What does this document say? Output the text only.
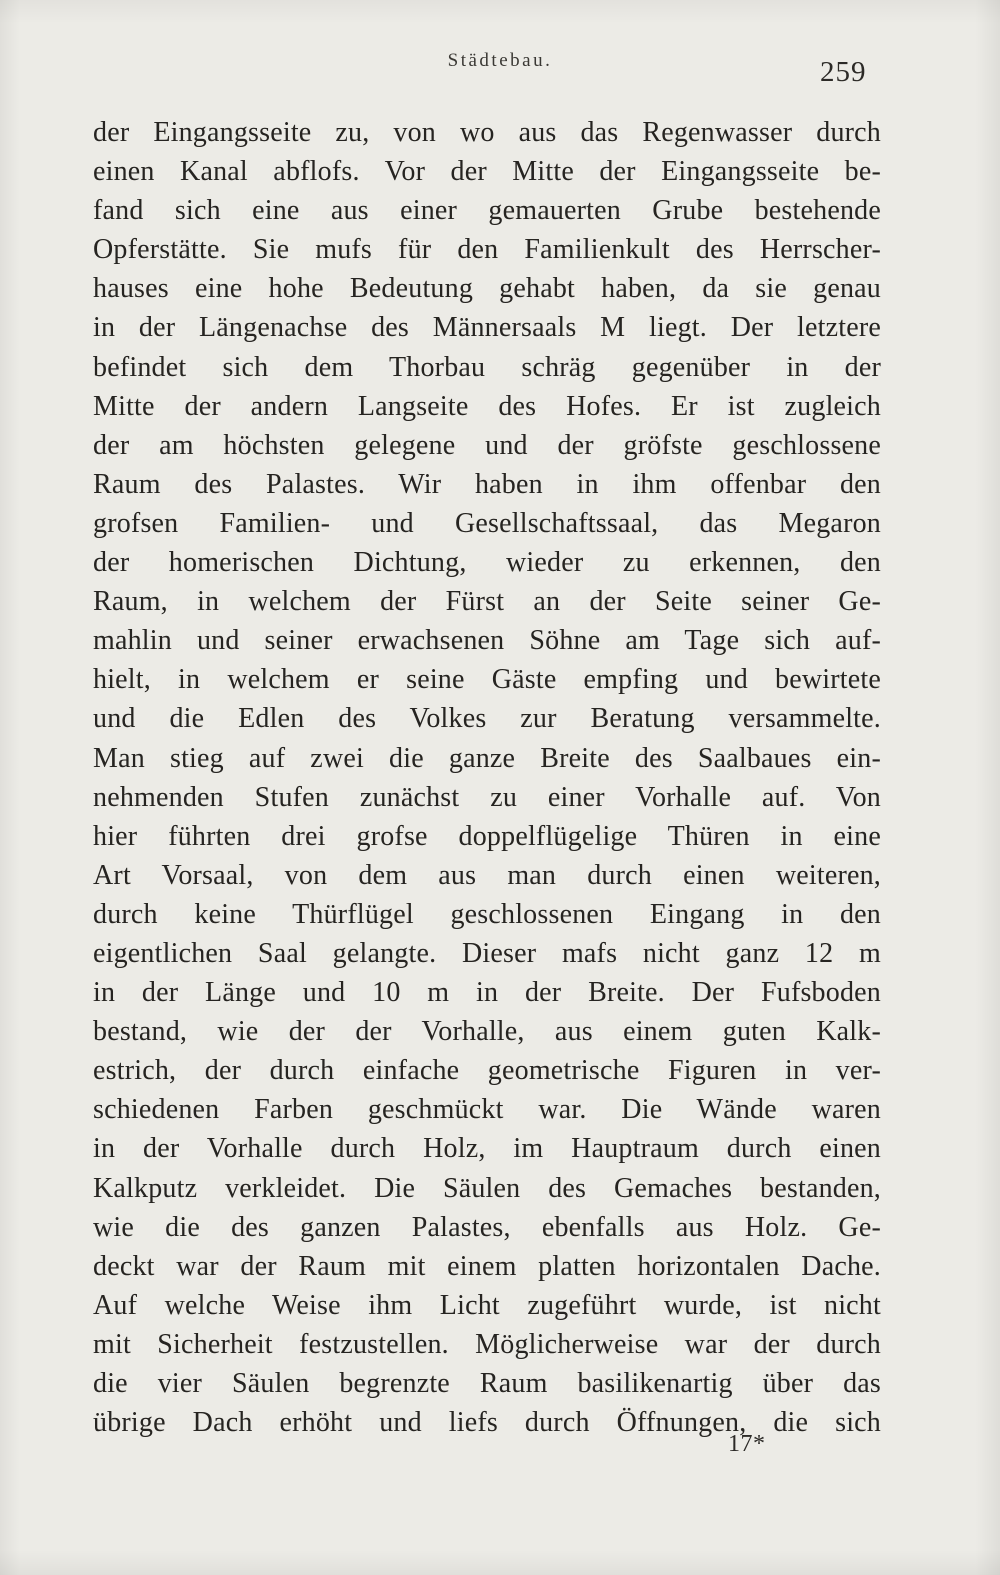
Städtebau.	259
der Eingangsseite zu, von wo aus das Regenwasser durch
einen Kanal abflofs. Vor der Mitte der Eingangsseite be-
fand sich eine aus einer gemauerten Grube bestehende
Opferstätte. Sie mufs für den Familienkult des Herrscher-
hauses eine hohe Bedeutung gehabt haben, da sie genau
in der Längenachse des Männersaals M liegt. Der letztere
befindet sich dem Thorbau schräg gegenüber in der
Mitte der andern Langseite des Hofes. Er ist zugleich
der am höchsten gelegene und der gröfste geschlossene
Raum des Palastes. Wir haben in ihm offenbar den
grofsen Familien- und Gesellschaftssaal, das Megaron
der homerischen Dichtung, wieder zu erkennen, den
Raum, in welchem der Fürst an der Seite seiner Ge-
mahlin und seiner erwachsenen Söhne am Tage sich auf-
hielt, in welchem er seine Gäste empfing und bewirtete
und die Edlen des Volkes zur Beratung versammelte.
Man stieg auf zwei die ganze Breite des Saalbaues ein-
nehmenden Stufen zunächst zu einer Vorhalle auf. Von
hier führten drei grofse doppelflügelige Thüren in eine
Art Vorsaal, von dem aus man durch einen weiteren,
durch keine Thürflügel geschlossenen Eingang in den
eigentlichen Saal gelangte. Dieser mafs nicht ganz 12 m
in der Länge und 10 m in der Breite. Der Fufsboden
bestand, wie der der Vorhalle, aus einem guten Kalk-
estrich, der durch einfache geometrische Figuren in ver-
schiedenen Farben geschmückt war. Die Wände waren
in der Vorhalle durch Holz, im Hauptraum durch einen
Kalkputz verkleidet. Die Säulen des Gemaches bestanden,
wie die des ganzen Palastes, ebenfalls aus Holz. Ge-
deckt war der Raum mit einem platten horizontalen Dache.
Auf welche Weise ihm Licht zugeführt wurde, ist nicht
mit Sicherheit festzustellen. Möglicherweise war der durch
die vier Säulen begrenzte Raum basilikenartig über das
übrige Dach erhöht und liefs durch Öffnungen, die sich
17*
